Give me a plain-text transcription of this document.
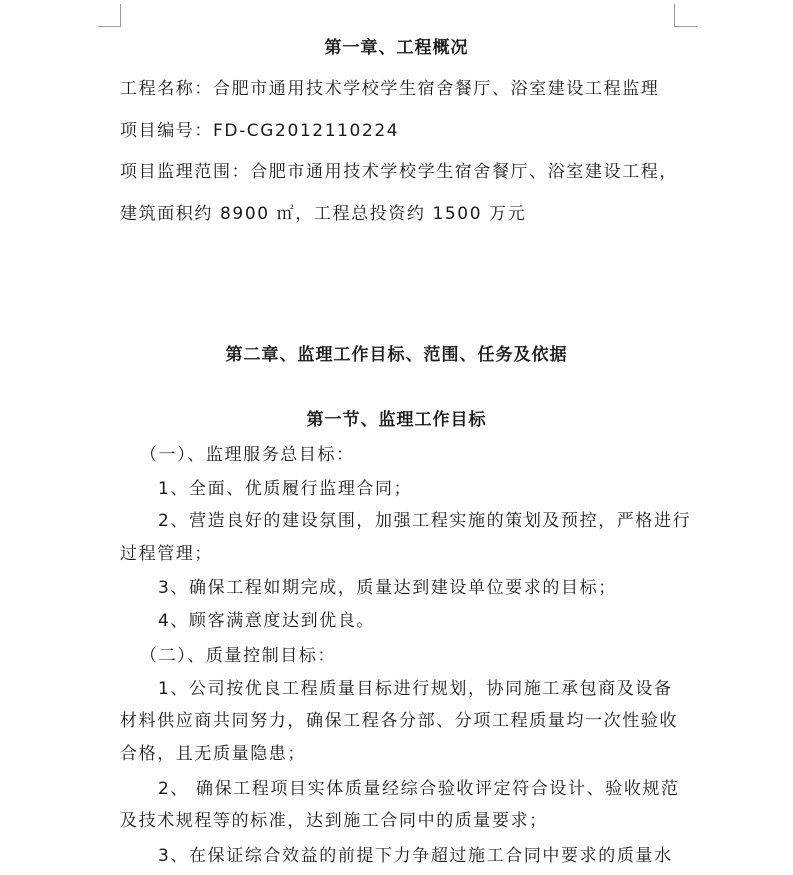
第一章、工程概况
工程名称：合肥市通用技术学校学生宿舍餐厅、浴室建设工程监理
项目编号：FD-CG2012110224
项目监理范围：合肥市通用技术学校学生宿舍餐厅、浴室建设工程，
建筑面积约 8900 ㎡，工程总投资约 1500 万元
第二章、监理工作目标、范围、任务及依据
第一节、监理工作目标
（一）、监理服务总目标：
1、全面、优质履行监理合同；
2、营造良好的建设氛围，加强工程实施的策划及预控，严格进行
过程管理；
3、确保工程如期完成，质量达到建设单位要求的目标；
4、顾客满意度达到优良。
（二）、质量控制目标：
1、公司按优良工程质量目标进行规划，协同施工承包商及设备
材料供应商共同努力，确保工程各分部、分项工程质量均一次性验收
合格，且无质量隐患；
2、 确保工程项目实体质量经综合验收评定符合设计、验收规范
及技术规程等的标准，达到施工合同中的质量要求；
3、在保证综合效益的前提下力争超过施工合同中要求的质量水
